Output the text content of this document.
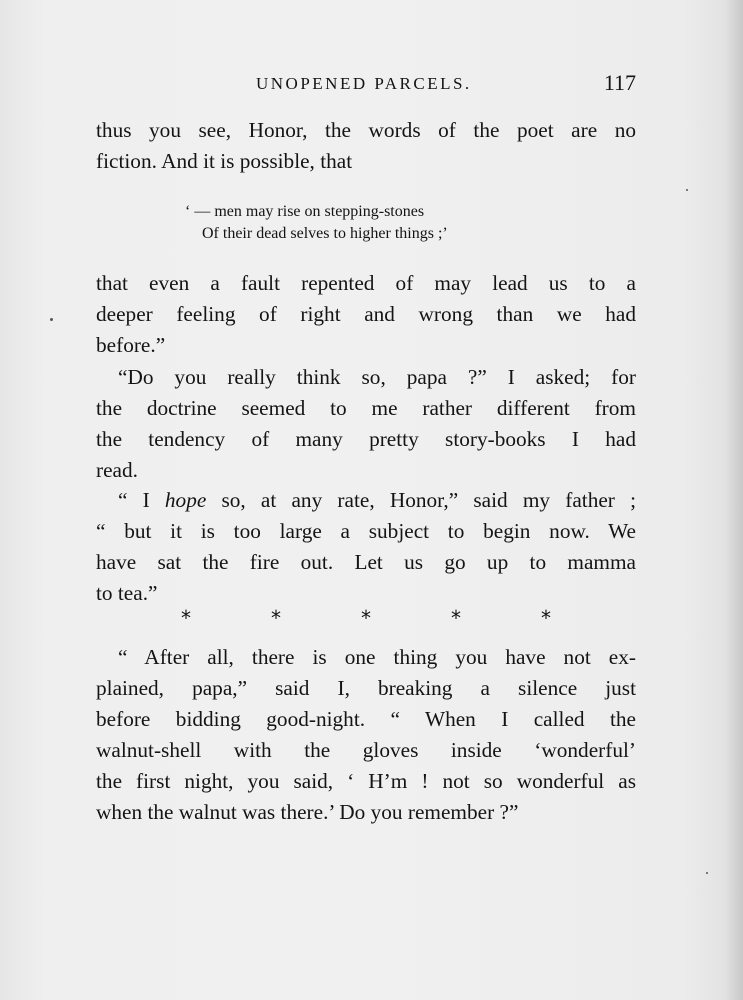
UNOPENED PARCELS.	117
thus you see, Honor, the words of the poet are no
fiction. And it is possible, that
‘ — men may rise on stepping-stones
Of their dead selves to higher things ;’
that even a fault repented of may lead us to a
deeper feeling of right and wrong than we had
before.”
“Do you really think so, papa ?” I asked; for
the doctrine seemed to me rather different from
the tendency of many pretty story-books I had
read.
“ I hope so, at any rate, Honor,” said my father ;
“ but it is too large a subject to begin now. We
have sat the fire out. Let us go up to mamma
to tea.”
*	*	*	*	*
“ After all, there is one thing you have not ex-
plained, papa,” said I, breaking a silence just
before bidding good-night. “ When I called the
walnut-shell with the gloves inside ‘wonderful’
the first night, you said, ‘ H’m ! not so wonderful as
when the walnut was there.’ Do you remember ?”
